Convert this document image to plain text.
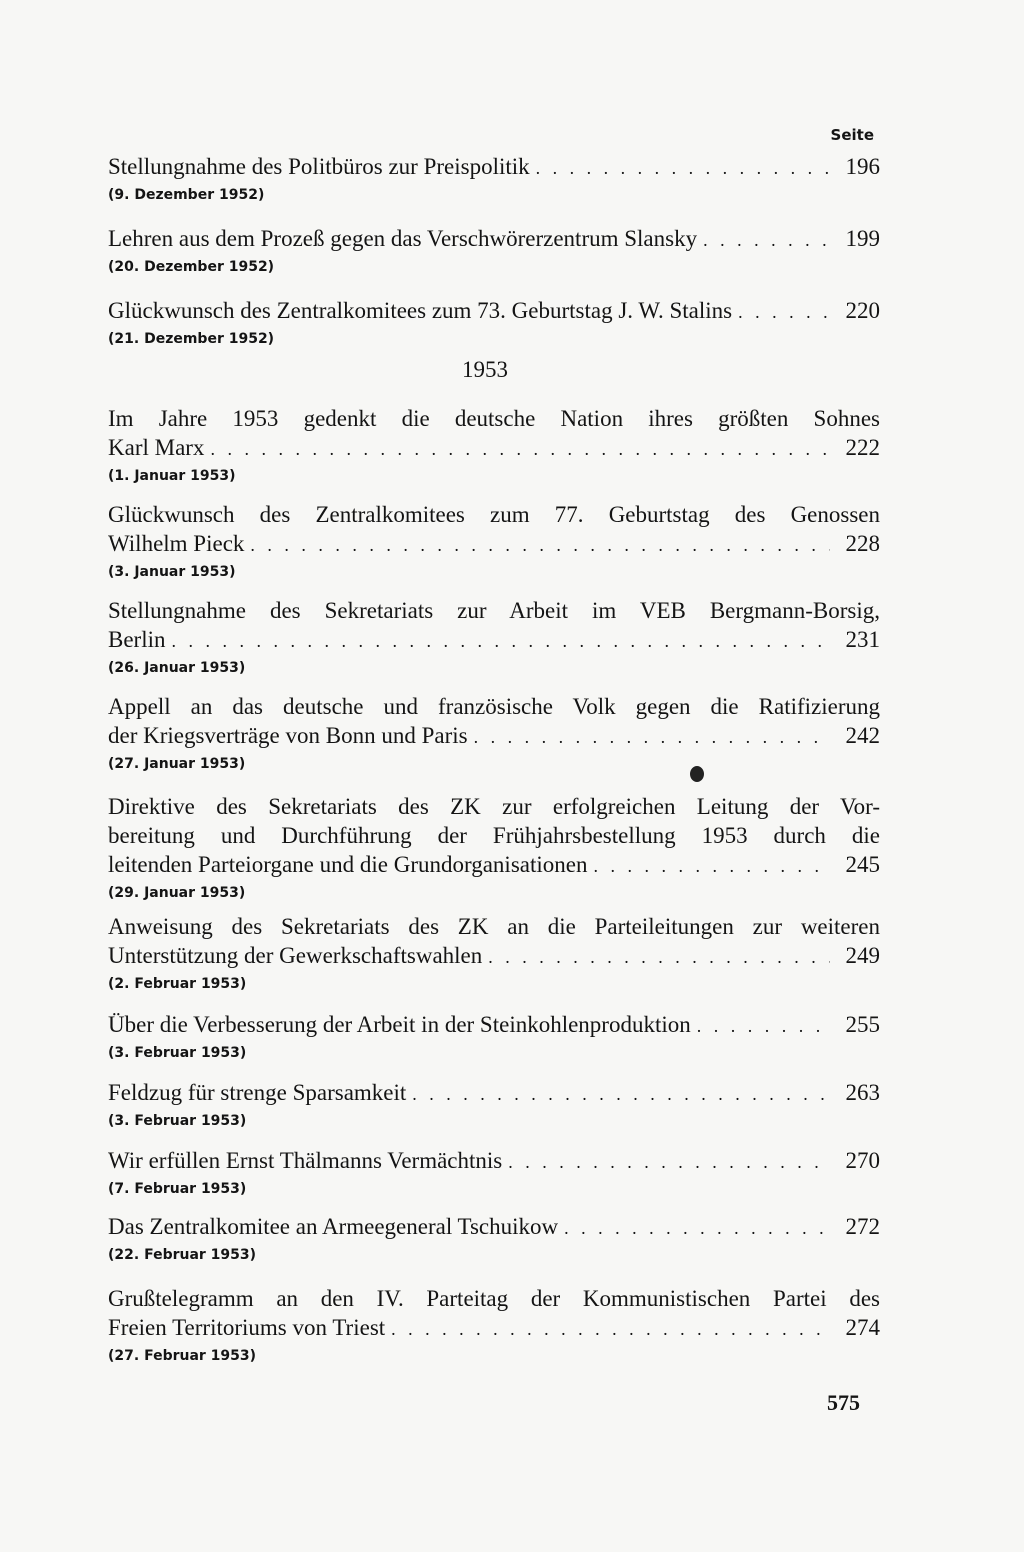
Seite
1953
Stellungnahme des Politbüros zur Preispolitik . . .	196
(9. Dezember 1952)
Lehren aus dem Prozeß gegen das Verschwörerzentrum Slansky . . .	199
(20. Dezember 1952)
Glückwunsch des Zentralkomitees zum 73. Geburtstag J. W. Stalins . . .	220
(21. Dezember 1952)
Im Jahre 1953 gedenkt die deutsche Nation ihres größten Sohnes
Karl Marx . . .	222
(1. Januar 1953)
Glückwunsch des Zentralkomitees zum 77. Geburtstag des Genossen
Wilhelm Pieck . . .	228
(3. Januar 1953)
Stellungnahme des Sekretariats zur Arbeit im VEB Bergmann-Borsig,
Berlin . . .	231
(26. Januar 1953)
Appell an das deutsche und französische Volk gegen die Ratifizierung
der Kriegsverträge von Bonn und Paris . . .	242
(27. Januar 1953)
Direktive des Sekretariats des ZK zur erfolgreichen Leitung der Vor-
bereitung und Durchführung der Frühjahrsbestellung 1953 durch die
leitenden Parteiorgane und die Grundorganisationen . . .	245
(29. Januar 1953)
Anweisung des Sekretariats des ZK an die Parteileitungen zur weiteren
Unterstützung der Gewerkschaftswahlen . . .	249
(2. Februar 1953)
Über die Verbesserung der Arbeit in der Steinkohlenproduktion . . .	255
(3. Februar 1953)
Feldzug für strenge Sparsamkeit . . .	263
(3. Februar 1953)
Wir erfüllen Ernst Thälmanns Vermächtnis . . .	270
(7. Februar 1953)
Das Zentralkomitee an Armeegeneral Tschuikow . . .	272
(22. Februar 1953)
Grußtelegramm an den IV. Parteitag der Kommunistischen Partei des
Freien Territoriums von Triest . . .	274
(27. Februar 1953)
575
